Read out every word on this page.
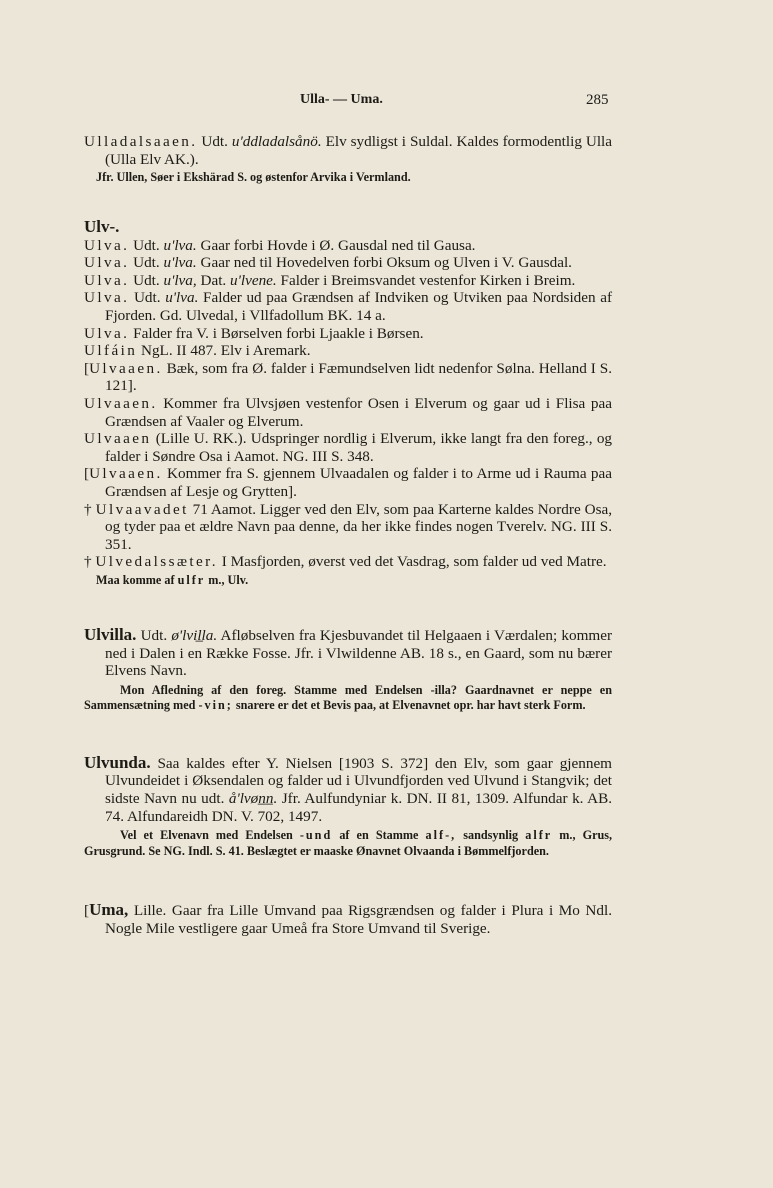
Ulla- — Uma.	285
Ulladalsaaen. Udt. u'ddladalsånö. Elv sydligst i Suldal. Kaldes formodentlig Ulla (Ulla Elv AK.).
Jfr. Ullen, Søer i Ekshärad S. og østenfor Arvika i Vermland.
Ulv-.
Ulva. Udt. u'lva. Gaar forbi Hovde i Ø. Gausdal ned til Gausa.
Ulva. Udt. u'lva. Gaar ned til Hovedelven forbi Oksum og Ulven i V. Gausdal.
Ulva. Udt. u'lva, Dat. u'lvene. Falder i Breimsvandet vestenfor Kirken i Breim.
Ulva. Udt. u'lva. Falder ud paa Grændsen af Indviken og Utviken paa Nordsiden af Fjorden. Gd. Ulvedal, i Vllfadollum BK. 14 a.
Ulva. Falder fra V. i Børselven forbi Ljaakle i Børsen.
Ulfáin NgL. II 487. Elv i Aremark.
[Ulvaaen. Bæk, som fra Ø. falder i Fæmundselven lidt nedenfor Sølna. Helland I S. 121].
Ulvaaen. Kommer fra Ulvsjøen vestenfor Osen i Elverum og gaar ud i Flisa paa Grændsen af Vaaler og Elverum.
Ulvaaen (Lille U. RK.). Udspringer nordlig i Elverum, ikke langt fra den foreg., og falder i Søndre Osa i Aamot. NG. III S. 348.
[Ulvaaen. Kommer fra S. gjennem Ulvaadalen og falder i to Arme ud i Rauma paa Grændsen af Lesje og Grytten].
† Ulvaavadet 71 Aamot. Ligger ved den Elv, som paa Karterne kaldes Nordre Osa, og tyder paa et ældre Navn paa denne, da her ikke findes nogen Tverelv. NG. III S. 351.
† Ulvedalssæter. I Masfjorden, øverst ved det Vasdrag, som falder ud ved Matre.
Maa komme af ulfr m., Ulv.
Ulvilla. Udt. ø'lvil̲la. Afløbselven fra Kjesbuvandet til Helgaaen i Værdalen; kommer ned i Dalen i en Række Fosse. Jfr. i Vlwildenne AB. 18 s., en Gaard, som nu bærer Elvens Navn.
Mon Afledning af den foreg. Stamme med Endelsen -illa? Gaardnavnet er neppe en Sammensætning med -vin; snarere er det et Bevis paa, at Elvenavnet opr. har havt sterk Form.
Ulvunda. Saa kaldes efter Y. Nielsen [1903 S. 372] den Elv, som gaar gjennem Ulvundeidet i Øksendalen og falder ud i Ulvundfjorden ved Ulvund i Stangvik; det sidste Navn nu udt. å'lvøn̲n̲. Jfr. Aulfundyniar k. DN. II 81, 1309. Alfundar k. AB. 74. Alfundareidh DN. V. 702, 1497.
Vel et Elvenavn med Endelsen -und af en Stamme alf-, sandsynlig alfr m., Grus, Grusgrund. Se NG. Indl. S. 41. Beslægtet er maaske Ønavnet Olvaanda i Bømmelfjorden.
[Uma, Lille. Gaar fra Lille Umvand paa Rigsgrændsen og falder i Plura i Mo Ndl. Nogle Mile vestligere gaar Umeå fra Store Umvand til Sverige.
